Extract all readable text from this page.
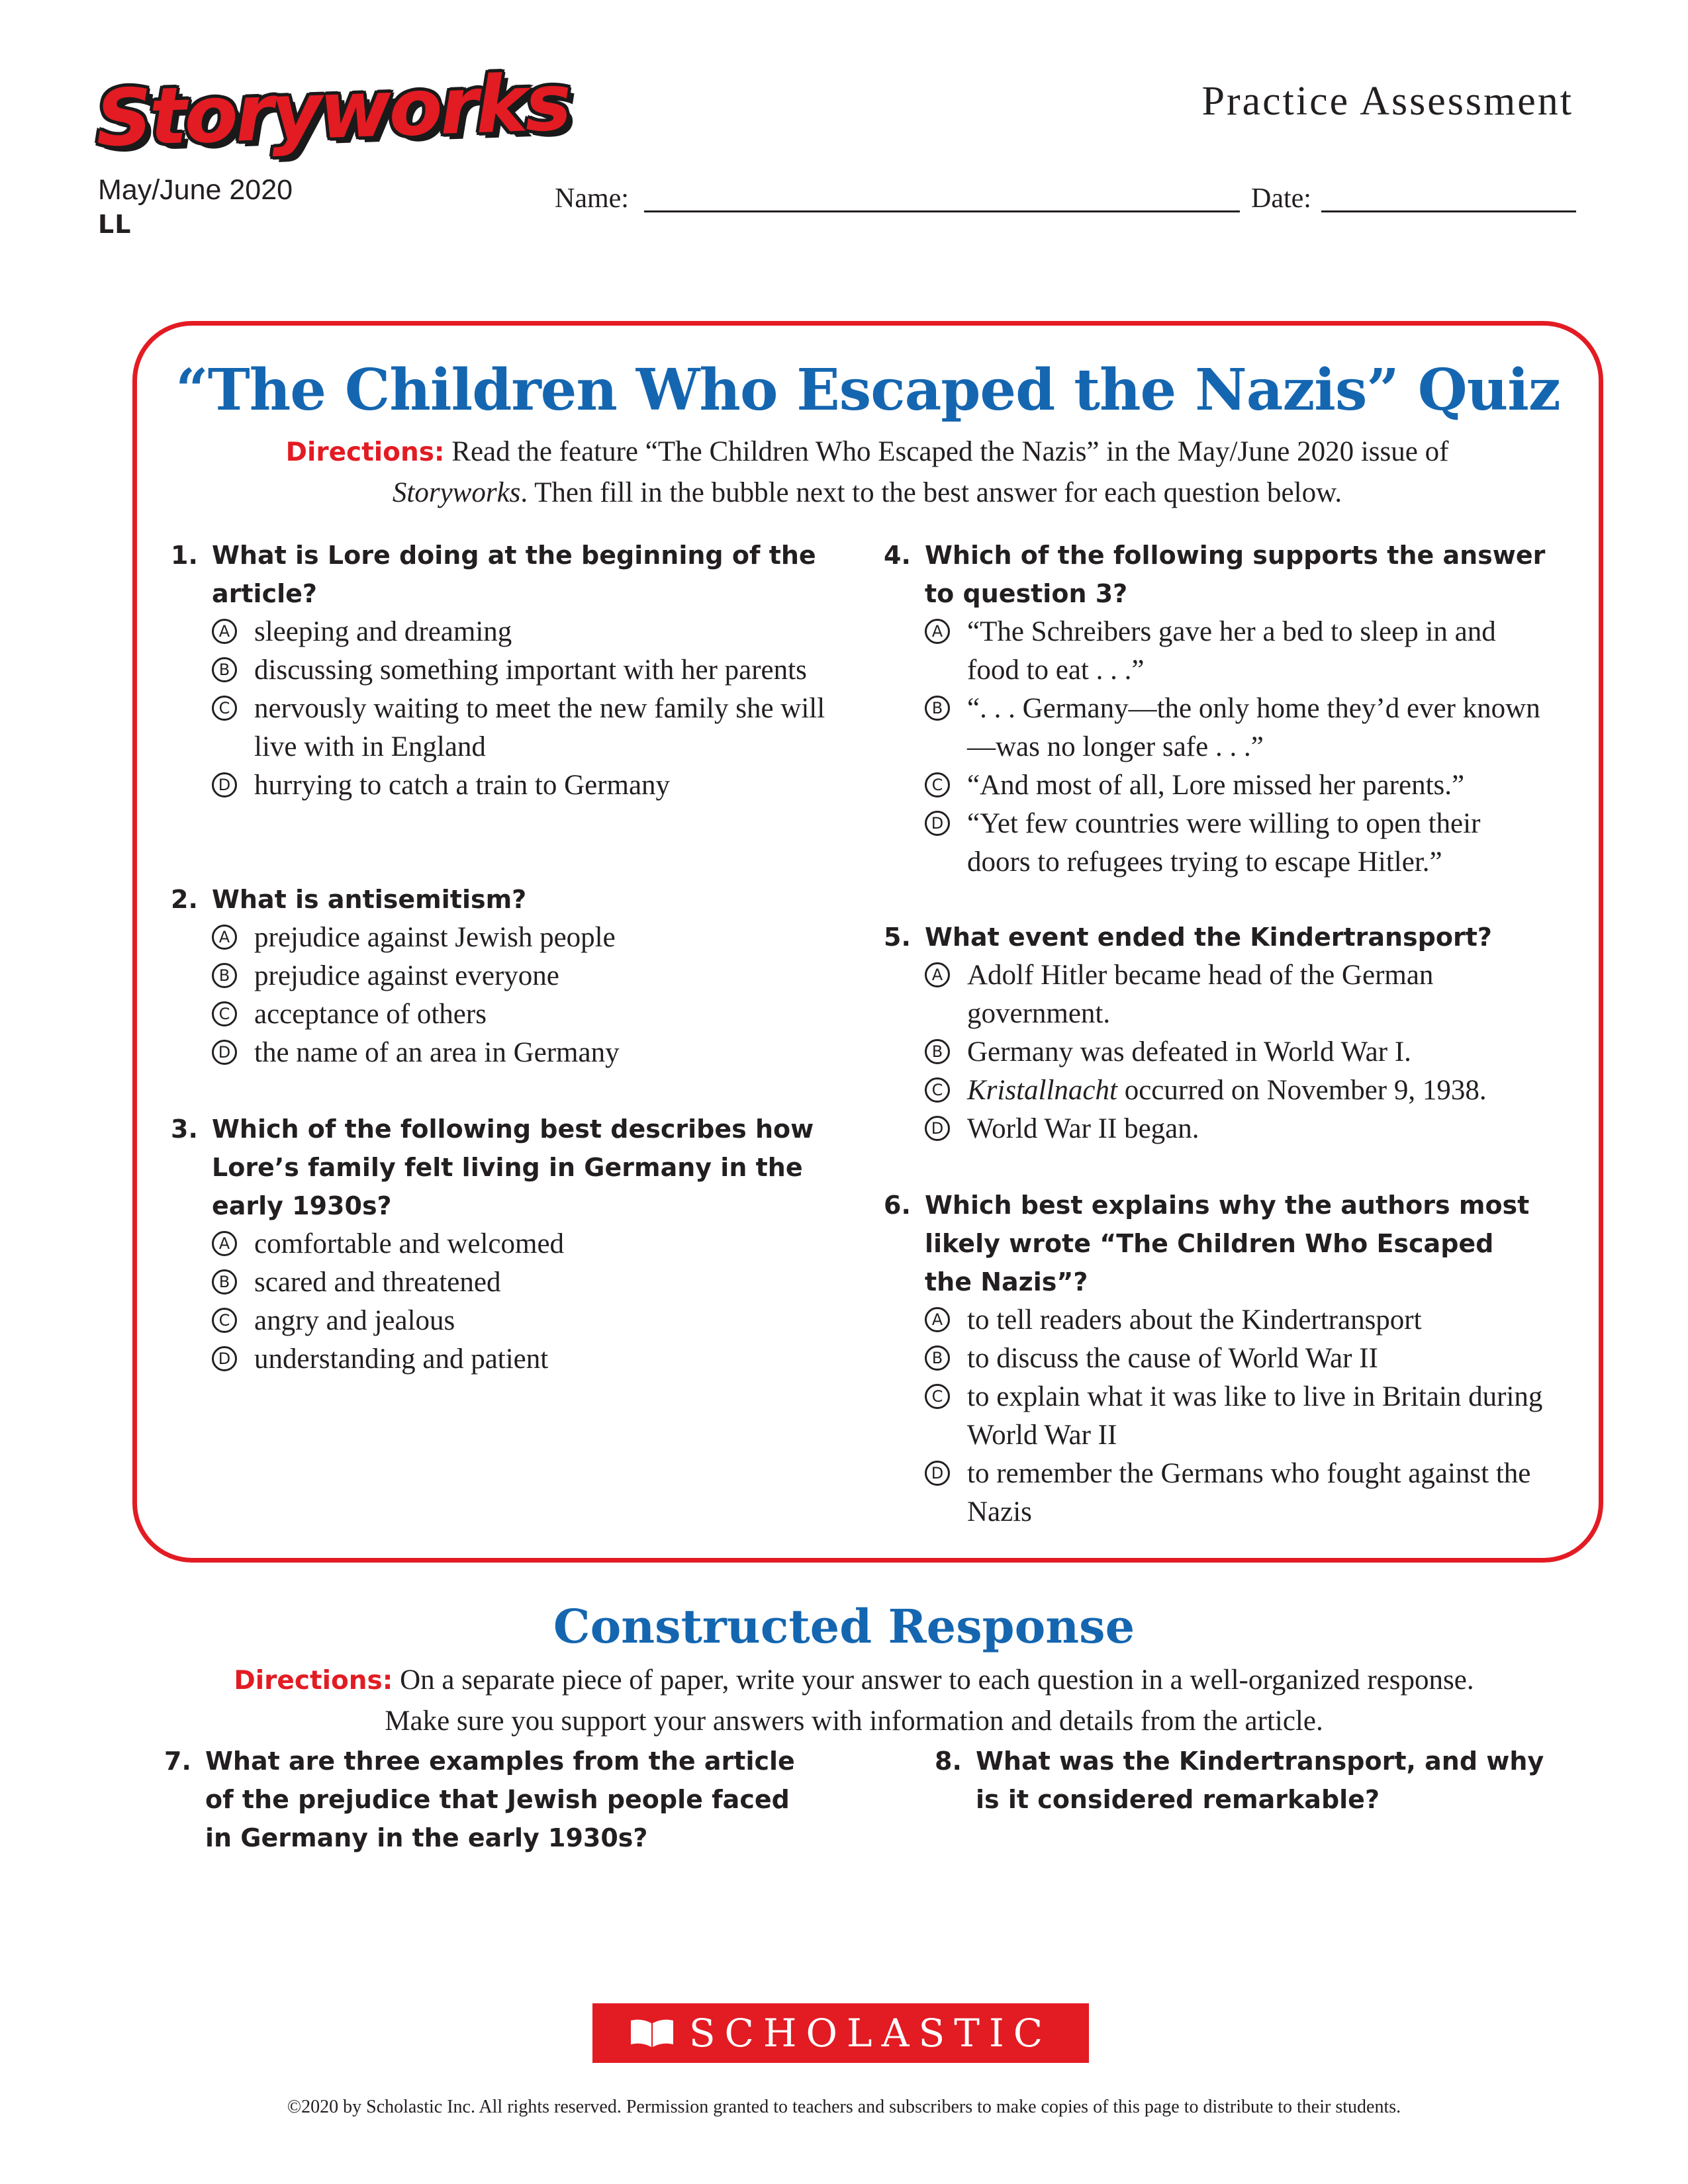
Storyworks
May/June 2020
LL
Practice Assessment
Name:	Date:
“The Children Who Escaped the Nazis” Quiz
Directions: Read the feature “The Children Who Escaped the Nazis” in the May/June 2020 issue of
Storyworks. Then fill in the bubble next to the best answer for each question below.

1. What is Lore doing at the beginning of the article?

A sleeping and dreaming
B discussing something important with her parents
C nervously waiting to meet the new family she will live with in England
D hurrying to catch a train to Germany

2. What is antisemitism?

A prejudice against Jewish people
B prejudice against everyone
C acceptance of others
D the name of an area in Germany

3. Which of the following best describes how Lore’s family felt living in Germany in the early 1930s?

A comfortable and welcomed
B scared and threatened
C angry and jealous
D understanding and patient

4. Which of the following supports the answer to question 3?

A “The Schreibers gave her a bed to sleep in and food to eat . . .”
B “. . . Germany—the only home they’d ever known—was no longer safe . . .”
C “And most of all, Lore missed her parents.”
D “Yet few countries were willing to open their doors to refugees trying to escape Hitler.”

5. What event ended the Kindertransport?

A Adolf Hitler became head of the German government.
B Germany was defeated in World War I.
C Kristallnacht occurred on November 9, 1938.
D World War II began.

6. Which best explains why the authors most likely wrote “The Children Who Escaped the Nazis”?

A to tell readers about the Kindertransport
B to discuss the cause of World War II
C to explain what it was like to live in Britain during World War II
D to remember the Germans who fought against the Nazis
Constructed Response
Directions: On a separate piece of paper, write your answer to each question in a well-organized response.
Make sure you support your answers with information and details from the article.

7. What are three examples from the article of the prejudice that Jewish people faced in Germany in the early 1930s?

8. What was the Kindertransport, and why is it considered remarkable?

SCHOLASTIC
©2020 by Scholastic Inc. All rights reserved. Permission granted to teachers and subscribers to make copies of this page to distribute to their students.
